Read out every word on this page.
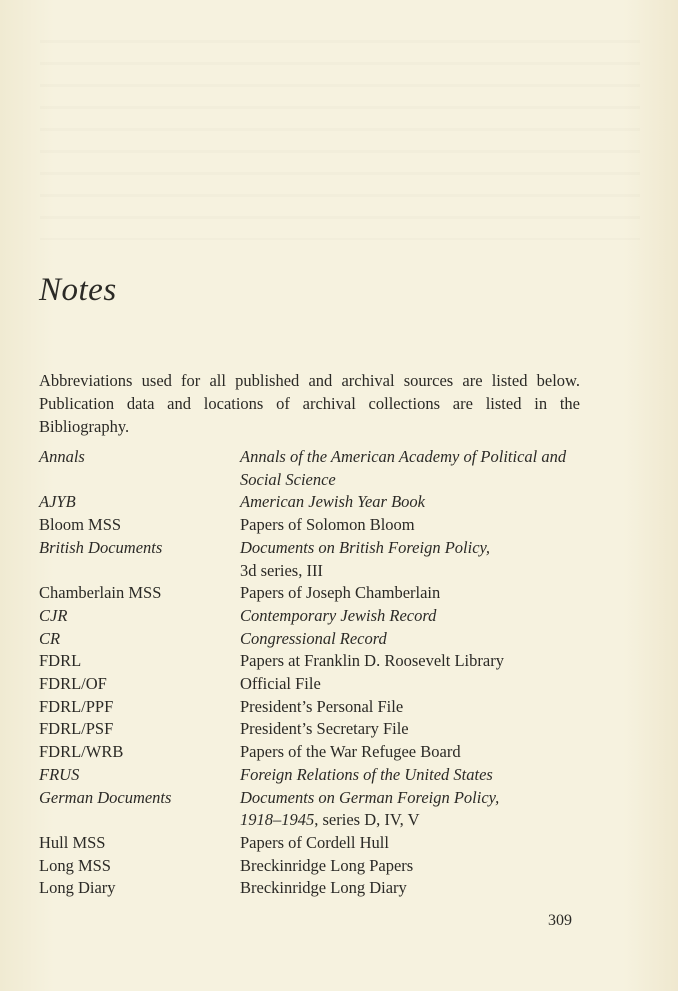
Notes

Abbreviations used for all published and archival sources are listed below. Publication data and locations of archival collections are listed in the Bibliography.

Annals	Annals of the American Academy of Political and Social Science
AJYB	American Jewish Year Book
Bloom MSS	Papers of Solomon Bloom
British Documents	Documents on British Foreign Policy,
3d series, III
Chamberlain MSS	Papers of Joseph Chamberlain
CJR	Contemporary Jewish Record
CR	Congressional Record
FDRL	Papers at Franklin D. Roosevelt Library
FDRL/OF	Official File
FDRL/PPF	President’s Personal File
FDRL/PSF	President’s Secretary File
FDRL/WRB	Papers of the War Refugee Board
FRUS	Foreign Relations of the United States
German Documents	Documents on German Foreign Policy,
1918–1945, series D, IV, V
Hull MSS	Papers of Cordell Hull
Long MSS	Breckinridge Long Papers
Long Diary	Breckinridge Long Diary
309
